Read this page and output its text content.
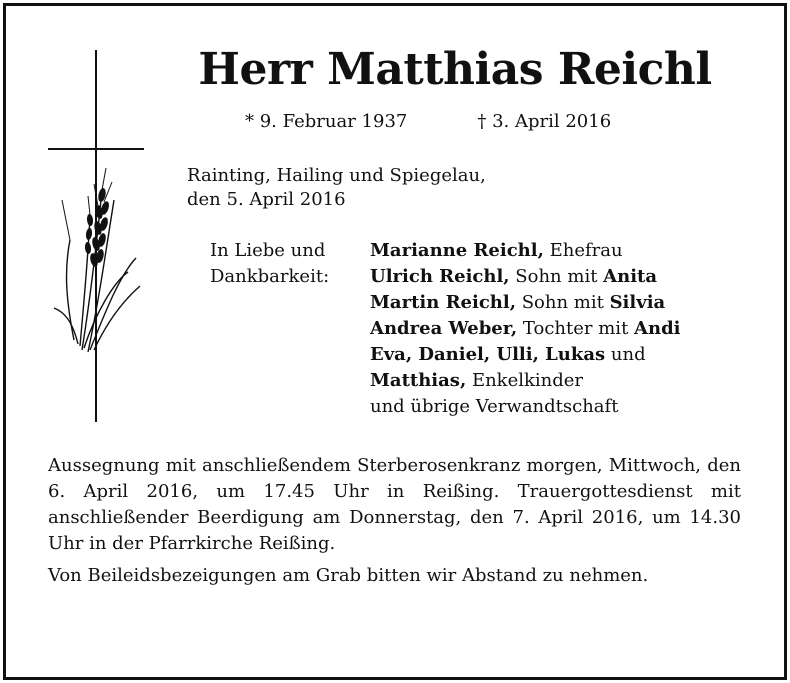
Herr Matthias Reichl
* 9. Februar 1937	† 3. April 2016
Rainting, Hailing und Spiegelau,
den 5. April 2016
In Liebe und
Dankbarkeit:

Marianne Reichl, Ehefrau

Ulrich Reichl, Sohn mit Anita

Martin Reichl, Sohn mit Silvia

Andrea Weber, Tochter mit Andi

Eva, Daniel, Ulli, Lukas und

Matthias, Enkelkinder

und übrige Verwandtschaft

Aussegnung mit anschließendem Sterberosenkranz morgen, Mittwoch, den 6. April 2016, um 17.45 Uhr in Reißing. Trauergottesdienst mit anschließender Beerdigung am Donnerstag, den 7. April 2016, um 14.30 Uhr in der Pfarrkirche Reißing.

Von Beileidsbezeigungen am Grab bitten wir Abstand zu nehmen.
